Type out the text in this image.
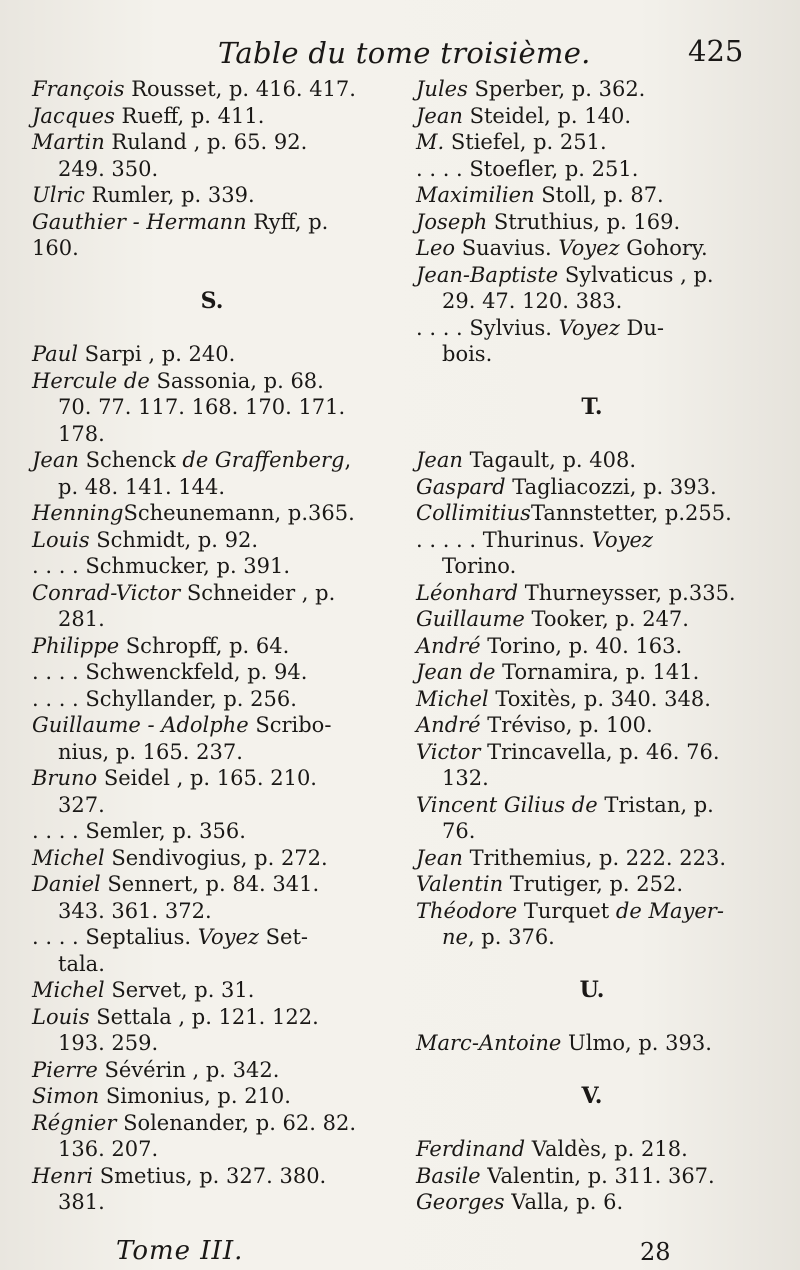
Table du tome troisième.	425
François Rousset, p. 416. 417.
Jacques Rueff, p. 411.
Martin Ruland , p. 65. 92.
249. 350.
Ulric Rumler, p. 339.
Gauthier - Hermann Ryff, p.
160.
S.
Paul Sarpi , p. 240.
Hercule de Sassonia, p. 68.
70. 77. 117. 168. 170. 171.
178.
Jean Schenck de Graffenberg,
p. 48. 141. 144.
HenningScheunemann, p.365.
Louis Schmidt, p. 92.
. . . . Schmucker, p. 391.
Conrad-Victor Schneider , p.
281.
Philippe Schropff, p. 64.
. . . . Schwenckfeld, p. 94.
. . . . Schyllander, p. 256.
Guillaume - Adolphe Scribo-
nius, p. 165. 237.
Bruno Seidel , p. 165. 210.
327.
. . . . Semler, p. 356.
Michel Sendivogius, p. 272.
Daniel Sennert, p. 84. 341.
343. 361. 372.
. . . . Septalius. Voyez Set-
tala.
Michel Servet, p. 31.
Louis Settala , p. 121. 122.
193. 259.
Pierre Sévérin , p. 342.
Simon Simonius, p. 210.
Régnier Solenander, p. 62. 82.
136. 207.
Henri Smetius, p. 327. 380.
381.
Jules Sperber, p. 362.
Jean Steidel, p. 140.
M. Stiefel, p. 251.
. . . . Stoefler, p. 251.
Maximilien Stoll, p. 87.
Joseph Struthius, p. 169.
Leo Suavius. Voyez Gohory.
Jean-Baptiste Sylvaticus , p.
29. 47. 120. 383.
. . . . Sylvius. Voyez Du-
bois.
T.
Jean Tagault, p. 408.
Gaspard Tagliacozzi, p. 393.
CollimitiusTannstetter, p.255.
. . . . . Thurinus. Voyez
Torino.
Léonhard Thurneysser, p.335.
Guillaume Tooker, p. 247.
André Torino, p. 40. 163.
Jean de Tornamira, p. 141.
Michel Toxitès, p. 340. 348.
André Tréviso, p. 100.
Victor Trincavella, p. 46. 76.
132.
Vincent Gilius de Tristan, p.
76.
Jean Trithemius, p. 222. 223.
Valentin Trutiger, p. 252.
Théodore Turquet de Mayer-
ne, p. 376.
U.
Marc-Antoine Ulmo, p. 393.
V.
Ferdinand Valdès, p. 218.
Basile Valentin, p. 311. 367.
Georges Valla, p. 6.
Tome III.	28
